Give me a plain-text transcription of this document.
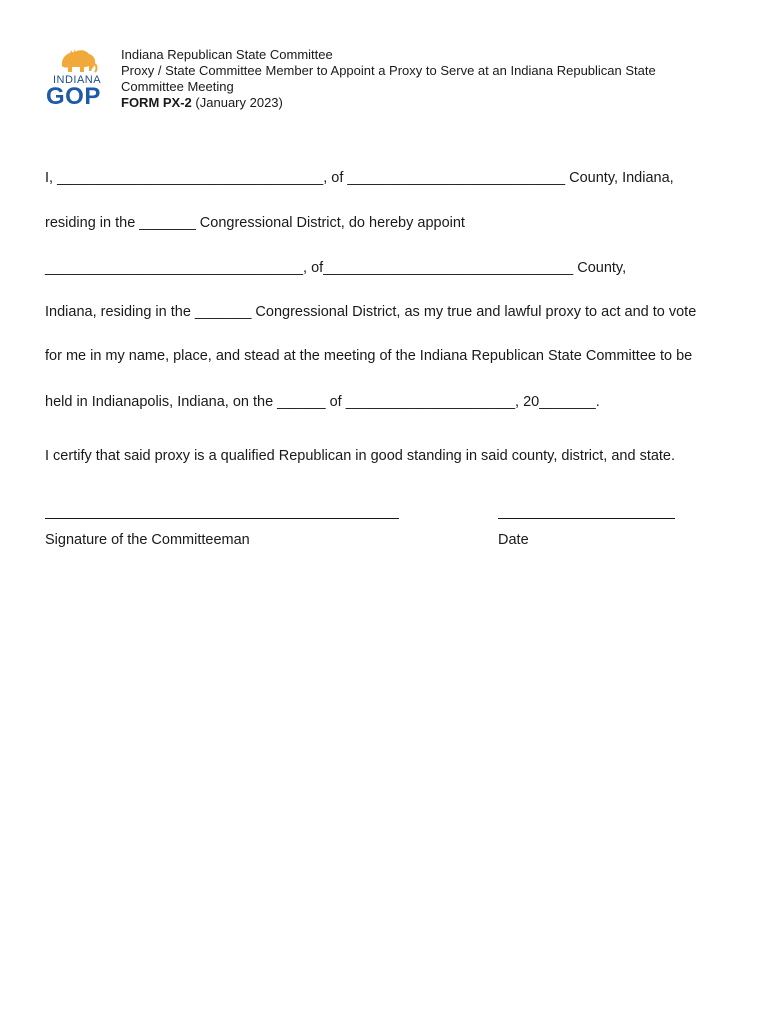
INDIANA
GOP
Indiana Republican State Committee
Proxy / State Committee Member to Appoint a Proxy to Serve at an Indiana Republican State
Committee Meeting
FORM PX-2 (January 2023)
I, _________________________________, of ___________________________ County, Indiana,
residing in the _______ Congressional District, do hereby appoint
________________________________, of_______________________________ County,
Indiana, residing in the _______ Congressional District, as my true and lawful proxy to act and to vote
for me in my name, place, and stead at the meeting of the Indiana Republican State Committee to be
held in Indianapolis, Indiana, on the ______ of _____________________, 20_______.
I certify that said proxy is a qualified Republican in good standing in said county, district, and state.
Signature of the Committeeman	Date
